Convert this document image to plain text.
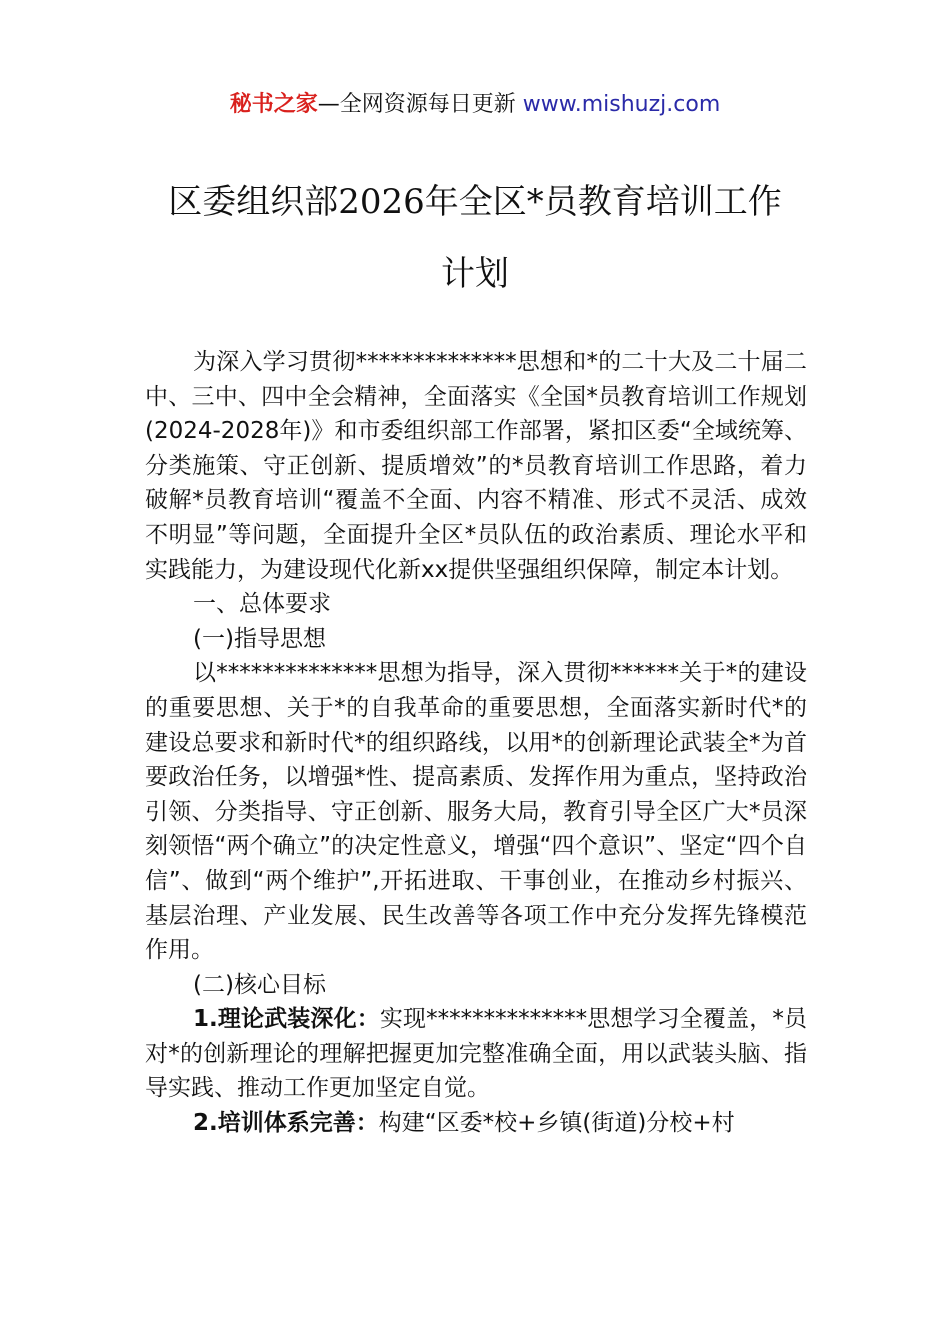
秘书之家—全网资源每日更新 www.mishuzj.com
区委组织部2026年全区*员教育培训工作
计划

为深入学习贯彻**************思想和*的二十大及二十届二中、三中、四中全会精神，全面落实《全国*员教育培训工作规划(2024-2028年)》和市委组织部工作部署，紧扣区委“全域统筹、分类施策、守正创新、提质增效”的*员教育培训工作思路，着力破解*员教育培训“覆盖不全面、内容不精准、形式不灵活、成效不明显”等问题，全面提升全区*员队伍的政治素质、理论水平和实践能力，为建设现代化新xx提供坚强组织保障，制定本计划。

一、总体要求

(一)指导思想

以**************思想为指导，深入贯彻******关于*的建设的重要思想、关于*的自我革命的重要思想，全面落实新时代*的建设总要求和新时代*的组织路线，以用*的创新理论武装全*为首要政治任务，以增强*性、提高素质、发挥作用为重点，坚持政治引领、分类指导、守正创新、服务大局，教育引导全区广大*员深刻领悟“两个确立”的决定性意义，增强“四个意识”、坚定“四个自信”、做到“两个维护”,开拓进取、干事创业，在推动乡村振兴、基层治理、产业发展、民生改善等各项工作中充分发挥先锋模范作用。

(二)核心目标

1.理论武装深化：实现**************思想学习全覆盖，*员对*的创新理论的理解把握更加完整准确全面，用以武装头脑、指导实践、推动工作更加坚定自觉。

2.培训体系完善：构建“区委*校+乡镇(街道)分校+村
